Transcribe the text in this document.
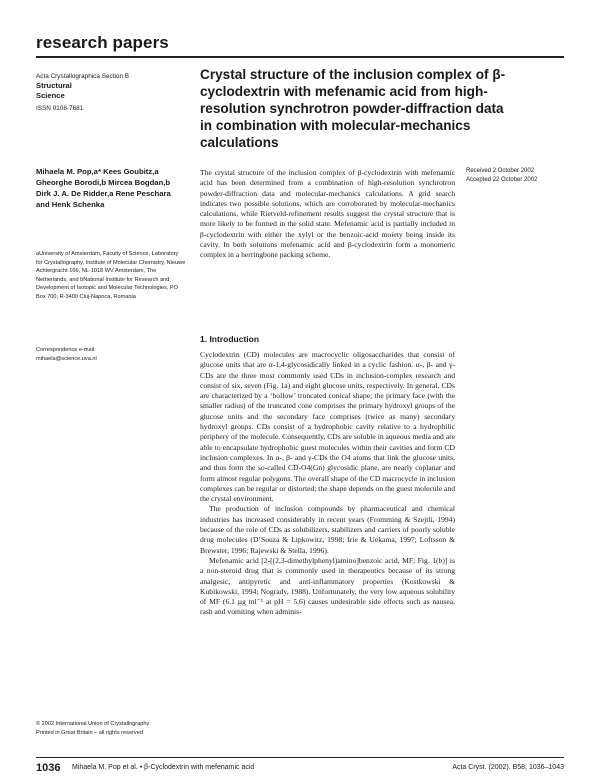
research papers
Acta Crystallographica Section B
Structural
Science
ISSN 0108-7681
Crystal structure of the inclusion complex of β-cyclodextrin with mefenamic acid from high-resolution synchrotron powder-diffraction data in combination with molecular-mechanics calculations
Mihaela M. Pop,a* Kees Goubitz,a Gheorghe Borodi,b Mircea Bogdan,b Dirk J. A. De Ridder,a Rene Peschara and Henk Schenka
aUniversity of Amsterdam, Faculty of Science, Laboratory for Crystallography, Institute of Molecular Chemistry, Nieuwe Achtergracht 166, NL-1018 WV Amsterdam, The Netherlands, and bNational Institute for Research and Development of Isotopic and Molecular Technologies, PO Box 700, R-3400 Cluj-Napoca, Romania
Correspondence e-mail:
mihaela@science.uva.nl
Received 2 October 2002
Accepted 22 October 2002
The crystal structure of the inclusion complex of β-cyclodextrin with mefenamic acid has been determined from a combination of high-resolution synchrotron powder-diffraction data and molecular-mechanics calculations. A grid search indicates two possible solutions, which are corroborated by molecular-mechanics calculations, while Rietveld-refinement results suggest the crystal structure that is more likely to be formed in the solid state. Mefenamic acid is partially included in β-cyclodextrin with either the xylyl or the benzoic-acid moiety being inside its cavity. In both solutions mefenamic acid and β-cyclodextrin form a monomeric complex in a herringbone packing scheme.
1. Introduction

Cyclodextrin (CD) molecules are macrocyclic oligosaccharides that consist of glucose units that are α-1,4-glycosidically linked in a cyclic fashion. α-, β- and γ-CDs are the three most commonly used CDs in inclusion-complex research and consist of six, seven (Fig. 1a) and eight glucose units, respectively. In general, CDs are characterized by a ‘hollow’ truncated conical shape; the primary face (with the smaller radius) of the truncated cone comprises the primary hydroxyl groups of the glucose units and the secondary face comprises (twice as many) secondary hydroxyl groups. CDs consist of a hydrophobic cavity relative to a hydrophilic periphery of the molecule. Consequently, CDs are soluble in aqueous media and are able to encapsulate hydrophobic guest molecules within their cavities and form CD inclusion complexes. In α-, β- and γ-CDs the O4 atoms that link the glucose units, and thus form the so-called CD-O4(Gn) glycosidic plane, are nearly coplanar and form almost regular polygons. The overall shape of the CD macrocycle in inclusion complexes can be regular or distorted; the shape depends on the guest molecule and the crystal environment.

The production of inclusion compounds by pharmaceutical and chemical industries has increased considerably in recent years (Fromming & Szejtli, 1994) because of the role of CDs as solubilizers, stabilizers and carriers of poorly soluble drug molecules (D’Souza & Lipkowitz, 1998; Irie & Uekama, 1997; Loftsson & Brewster, 1996; Rajewski & Stella, 1996).

Mefenamic acid [2-[(2,3-dimethylphenyl)amino]benzoic acid, MF; Fig. 1(b)] is a non-steroid drug that is commonly used in therapeutics because of its strong analgesic, antipyretic and anti-inflammatory properties (Kostkowski & Kubikowski, 1994; Nogrady, 1988). Unfortunately, the very low aqueous solubility of MF (6.1 µg ml⁻¹ at pH = 5.6) causes undesirable side effects such as nausea, rash and vomiting when adminis-

© 2002 International Union of Crystallography
Printed in Great Britain – all rights reserved
1036 Mihaela M. Pop et al. • β-Cyclodextrin with mefenamic acid	Acta Cryst. (2002). B58, 1036–1043
